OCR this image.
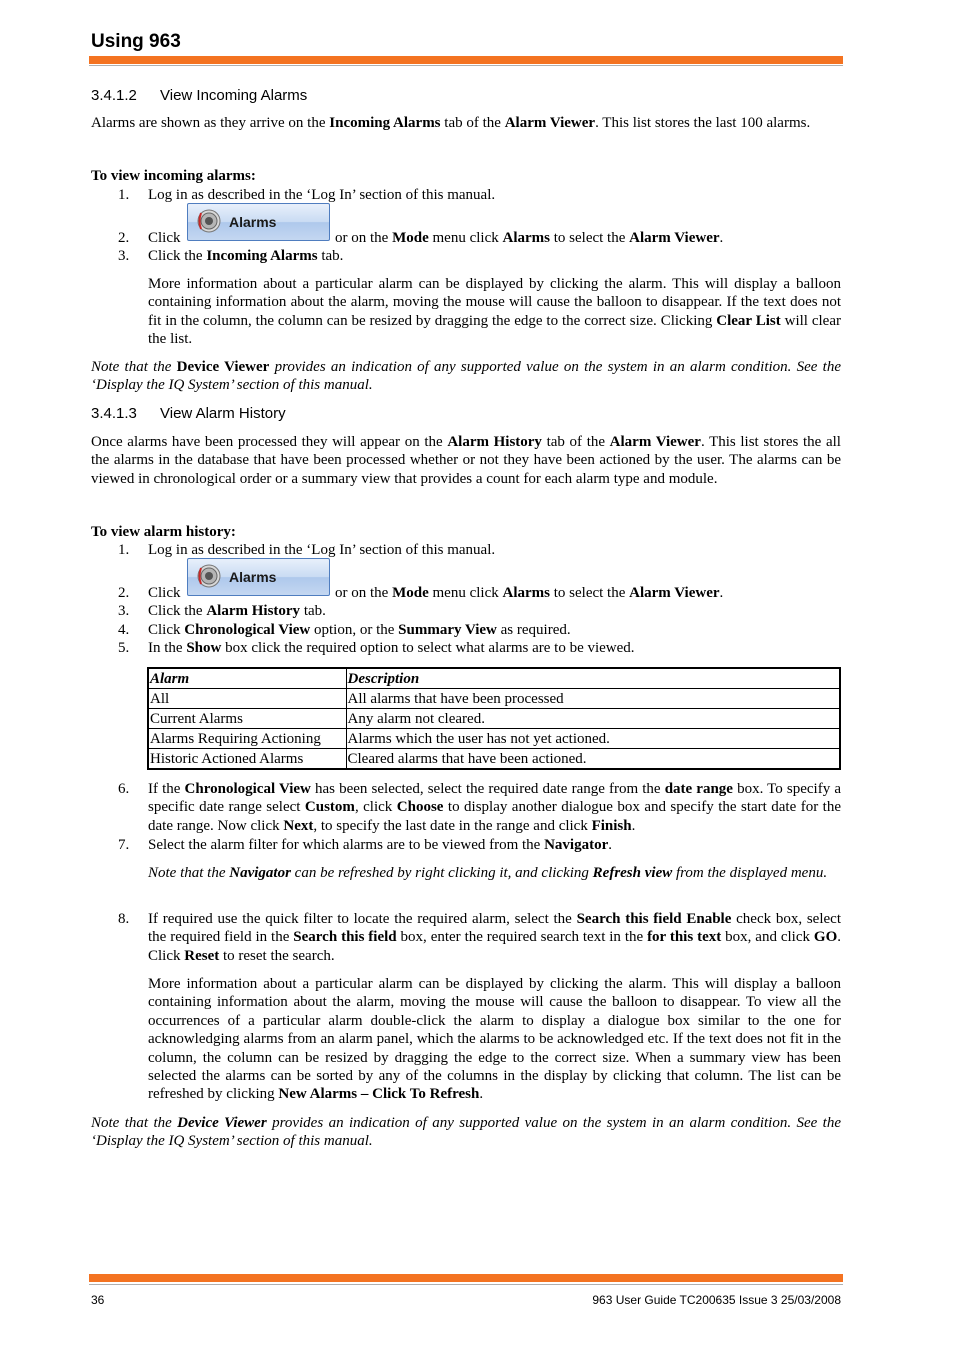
Using 963
3.4.1.2 View Incoming Alarms
Alarms are shown as they arrive on the Incoming Alarms tab of the Alarm Viewer. This list stores the last 100 alarms.
To view incoming alarms:
1. Log in as described in the ‘Log In’ section of this manual.
Alarms
2. Click	or on the Mode menu click Alarms to select the Alarm Viewer.
3. Click the Incoming Alarms tab.
More information about a particular alarm can be displayed by clicking the alarm. This will display a balloon containing information about the alarm, moving the mouse will cause the balloon to disappear. If the text does not fit in the column, the column can be resized by dragging the edge to the correct size. Clicking Clear List will clear the list.
Note that the Device Viewer provides an indication of any supported value on the system in an alarm condition. See the ‘Display the IQ System’ section of this manual.
3.4.1.3 View Alarm History
Once alarms have been processed they will appear on the Alarm History tab of the Alarm Viewer. This list stores the all the alarms in the database that have been processed whether or not they have been actioned by the user. The alarms can be viewed in chronological order or a summary view that provides a count for each alarm type and module.
To view alarm history:
1. Log in as described in the ‘Log In’ section of this manual.
Alarms
2. Click	or on the Mode menu click Alarms to select the Alarm Viewer.
3. Click the Alarm History tab.
4. Click Chronological View option, or the Summary View as required.
5. In the Show box click the required option to select what alarms are to be viewed.
Alarm	Description
All	All alarms that have been processed
Current Alarms	Any alarm not cleared.
Alarms Requiring Actioning	Alarms which the user has not yet actioned.
Historic Actioned Alarms	Cleared alarms that have been actioned.
6. If the Chronological View has been selected, select the required date range from the date range box. To specify a specific date range select Custom, click Choose to display another dialogue box and specify the start date for the date range. Now click Next, to specify the last date in the range and click Finish.
7. Select the alarm filter for which alarms are to be viewed from the Navigator.
Note that the Navigator can be refreshed by right clicking it, and clicking Refresh view from the displayed menu.
8. If required use the quick filter to locate the required alarm, select the Search this field Enable check box, select the required field in the Search this field box, enter the required search text in the for this text box, and click GO. Click Reset to reset the search.
More information about a particular alarm can be displayed by clicking the alarm. This will display a balloon containing information about the alarm, moving the mouse will cause the balloon to disappear. To view all the occurrences of a particular alarm double-click the alarm to display a dialogue box similar to the one for acknowledging alarms from an alarm panel, which the alarms to be acknowledged etc. If the text does not fit in the column, the column can be resized by dragging the edge to the correct size. When a summary view has been selected the alarms can be sorted by any of the columns in the display by clicking that column. The list can be refreshed by clicking New Alarms – Click To Refresh.
Note that the Device Viewer provides an indication of any supported value on the system in an alarm condition. See the ‘Display the IQ System’ section of this manual.
36	963 User Guide TC200635 Issue 3 25/03/2008
